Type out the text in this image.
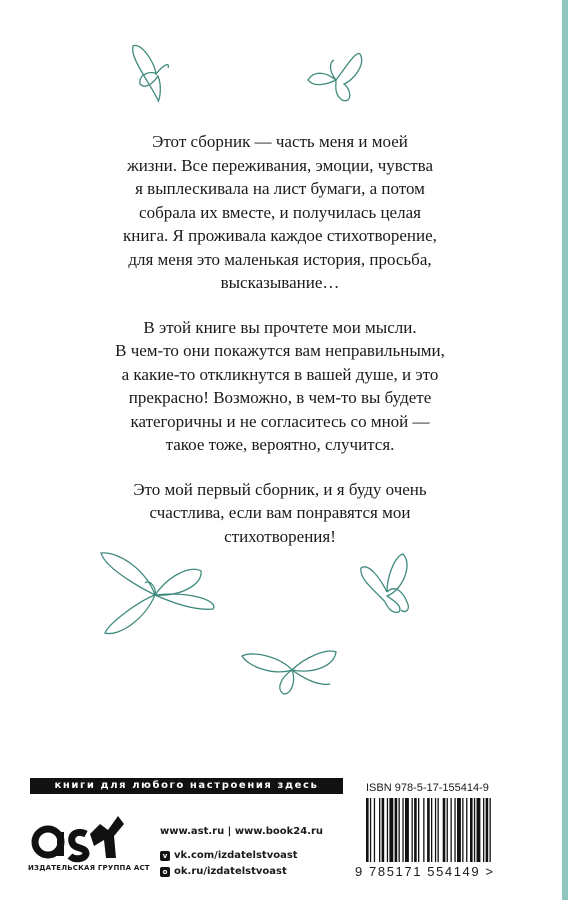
Этот сборник — часть меня и моей
жизни. Все переживания, эмоции, чувства
я выплескивала на лист бумаги, а потом
собрала их вместе, и получилась целая
книга. Я проживала каждое стихотворение,
для меня это маленькая история, просьба,
высказывание…

В этой книге вы прочтете мои мысли.
В чем-то они покажутся вам неправильными,
а какие-то откликнутся в вашей душе, и это
прекрасно! Возможно, в чем-то вы будете
категоричны и не согласитесь со мной —
такое тоже, вероятно, случится.

Это мой первый сборник, и я буду очень
счастлива, если вам понравятся мои
стихотворения!

книги для любого настроения здесь
ИЗДАТЕЛЬСКАЯ ГРУППА АСТ
www.ast.ru | www.book24.ru
v vk.com/izdatelstvoast
o ok.ru/izdatelstvoast
ISBN 978-5-17-155414-9
9 785171 554149 >
